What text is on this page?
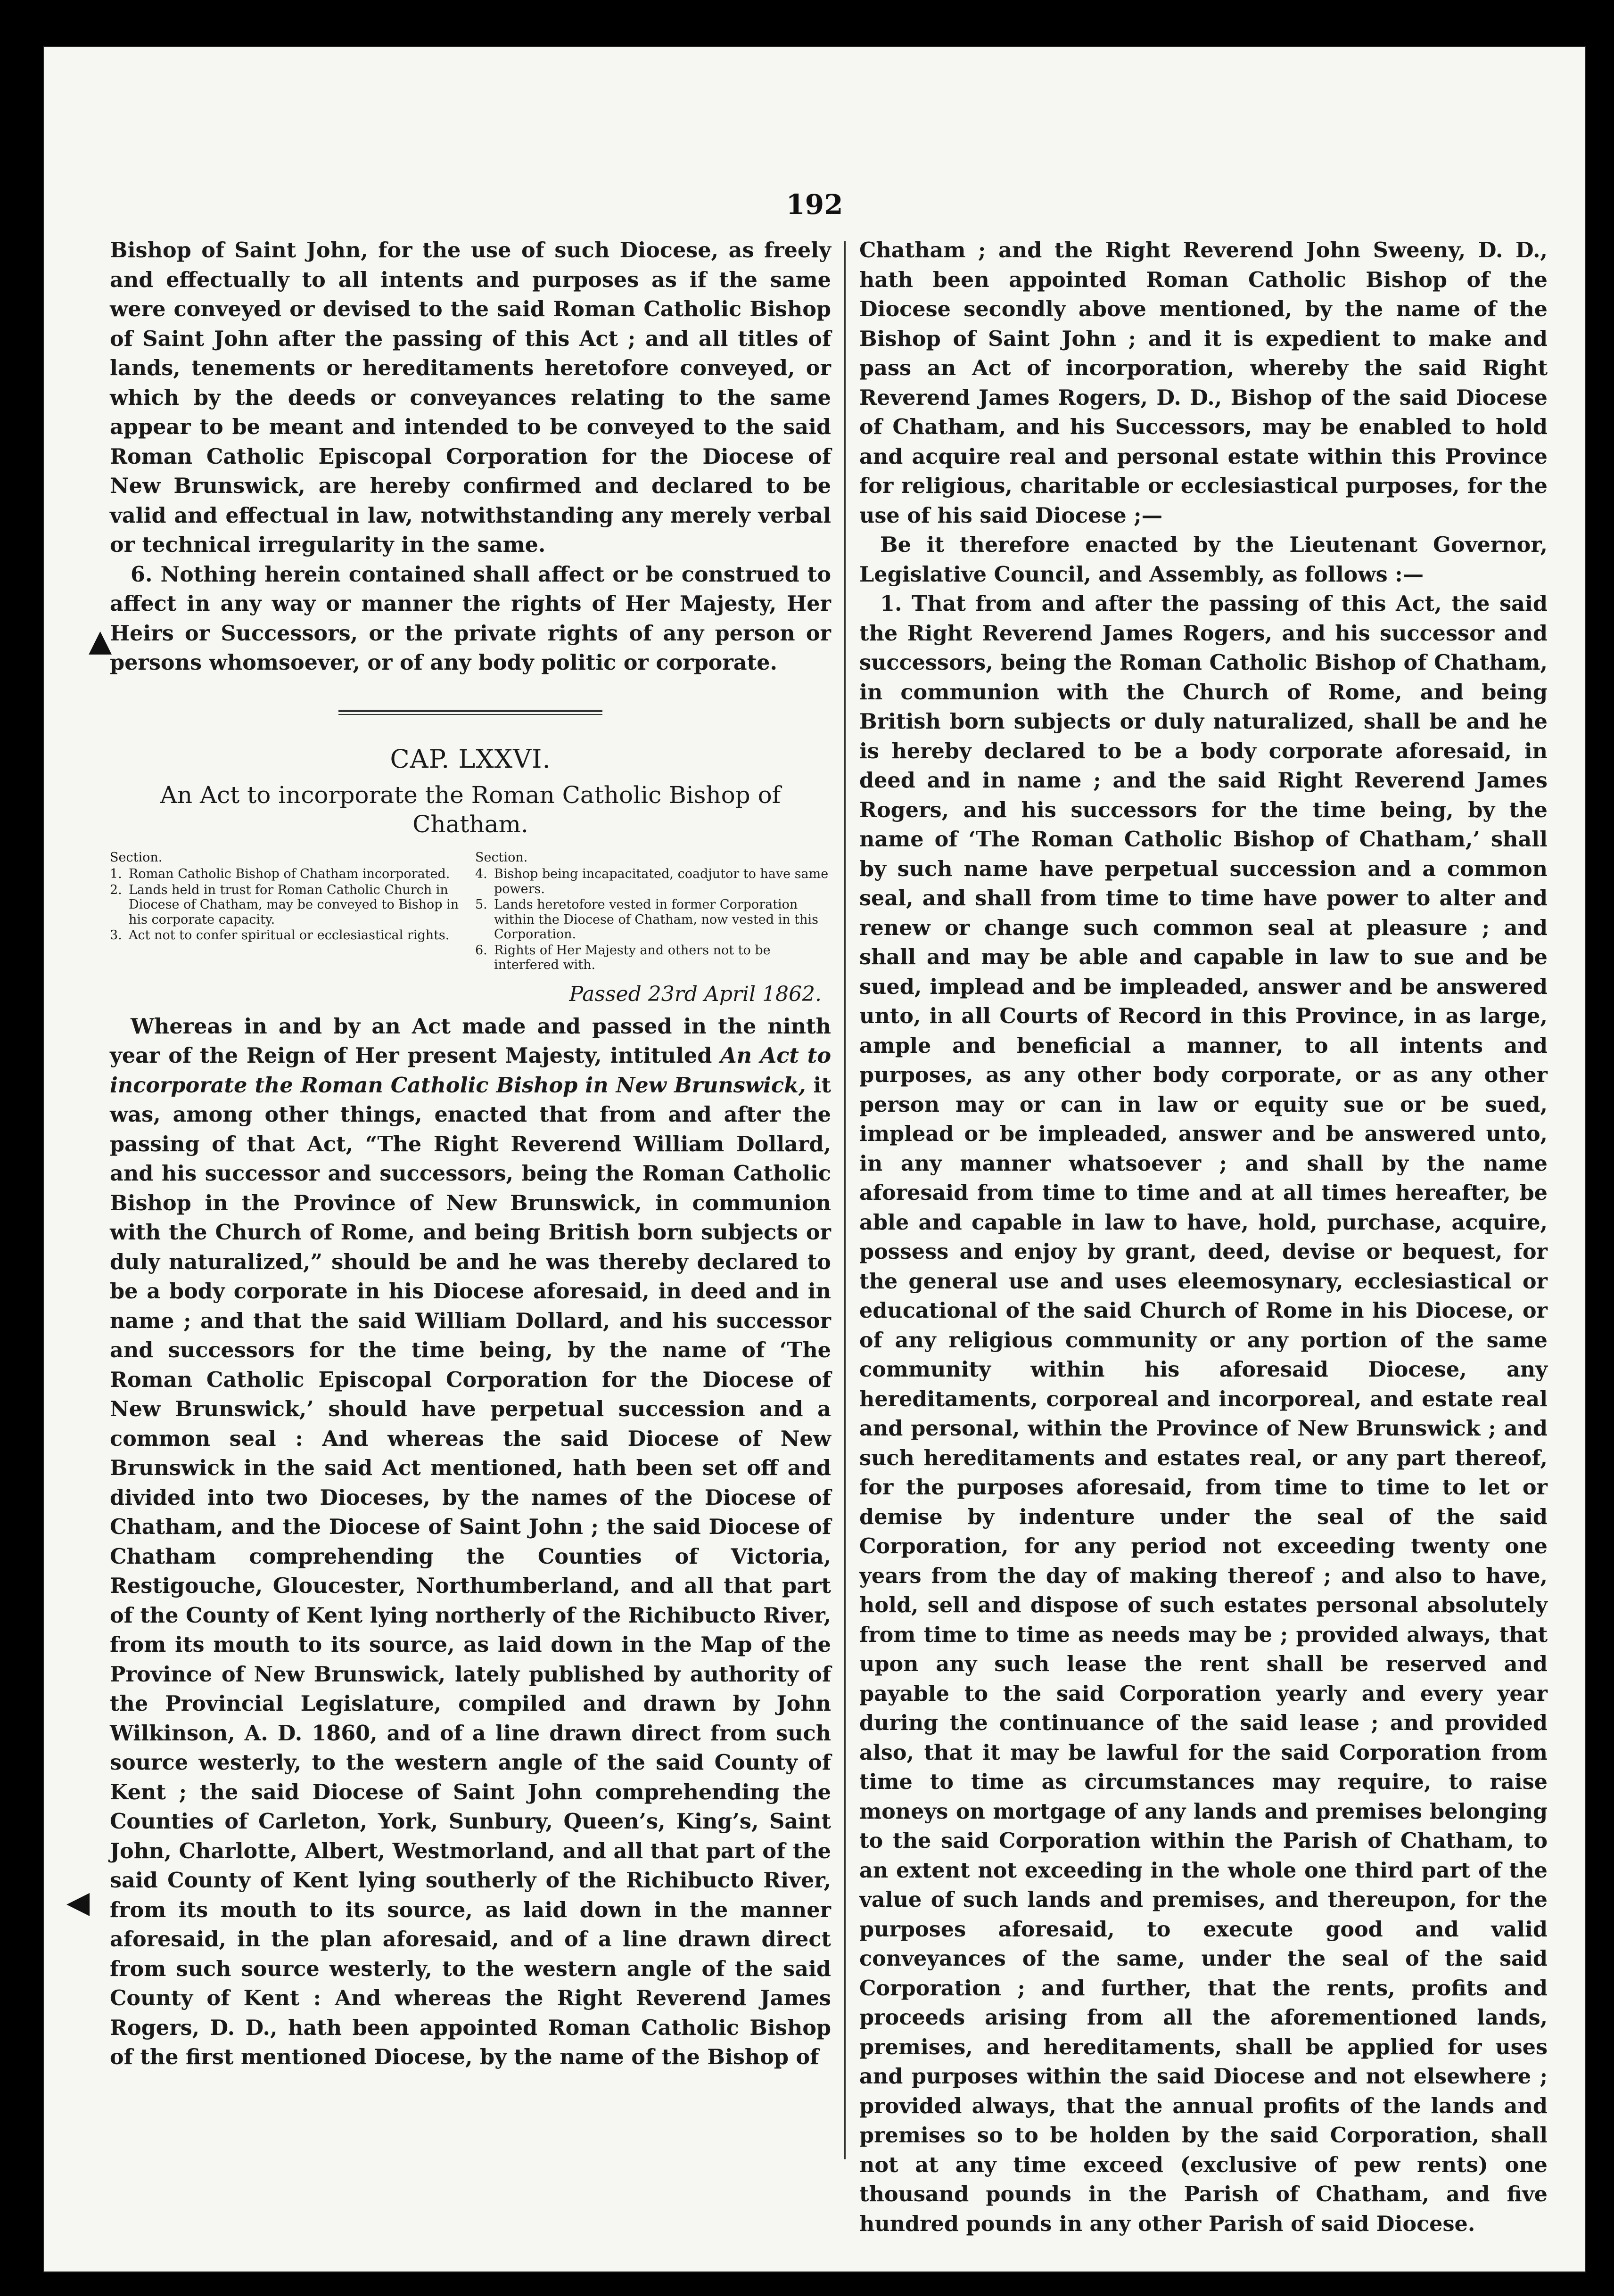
192
▲
◀

Bishop of Saint John, for the use of such Diocese, as freely and effectually to all intents and purposes as if the same were conveyed or devised to the said Roman Catholic Bishop of Saint John after the passing of this Act ; and all titles of lands, tenements or hereditaments heretofore conveyed, or which by the deeds or conveyances relating to the same appear to be meant and intended to be conveyed to the said Roman Catholic Episcopal Corporation for the Diocese of New Brunswick, are hereby confirmed and declared to be valid and effectual in law, notwithstanding any merely verbal or technical irregularity in the same.

6. Nothing herein contained shall affect or be construed to affect in any way or manner the rights of Her Majesty, Her Heirs or Successors, or the private rights of any person or persons whomsoever, or of any body politic or corporate.

CAP. LXXVI.
An Act to incorporate the Roman Catholic Bishop of Chatham.
Section.
1. Roman Catholic Bishop of Chatham incorporated.
2. Lands held in trust for Roman Catholic Church in Diocese of Chatham, may be conveyed to Bishop in his corporate capacity.
3. Act not to confer spiritual or ecclesiastical rights.
Section.
4. Bishop being incapacitated, coadjutor to have same powers.
5. Lands heretofore vested in former Corporation within the Diocese of Chatham, now vested in this Corporation.
6. Rights of Her Majesty and others not to be interfered with.
Passed 23rd April 1862.

Whereas in and by an Act made and passed in the ninth year of the Reign of Her present Majesty, intituled An Act to incorporate the Roman Catholic Bishop in New Brunswick, it was, among other things, enacted that from and after the passing of that Act, “The Right Reverend William Dollard, and his successor and successors, being the Roman Catholic Bishop in the Province of New Brunswick, in communion with the Church of Rome, and being British born subjects or duly naturalized,” should be and he was thereby declared to be a body corporate in his Diocese aforesaid, in deed and in name ; and that the said William Dollard, and his successor and successors for the time being, by the name of ‘The Roman Catholic Episcopal Corporation for the Diocese of New Brunswick,’ should have perpetual succession and a common seal : And whereas the said Diocese of New Brunswick in the said Act mentioned, hath been set off and divided into two Dioceses, by the names of the Diocese of Chatham, and the Diocese of Saint John ; the said Diocese of Chatham comprehending the Counties of Victoria, Restigouche, Gloucester, Northumberland, and all that part of the County of Kent lying northerly of the Richibucto River, from its mouth to its source, as laid down in the Map of the Province of New Brunswick, lately published by authority of the Provincial Legislature, compiled and drawn by John Wilkinson, A. D. 1860, and of a line drawn direct from such source westerly, to the western angle of the said County of Kent ; the said Diocese of Saint John comprehending the Counties of Carleton, York, Sunbury, Queen’s, King’s, Saint John, Charlotte, Albert, Westmorland, and all that part of the said County of Kent lying southerly of the Richibucto River, from its mouth to its source, as laid down in the manner aforesaid, in the plan aforesaid, and of a line drawn direct from such source westerly, to the western angle of the said County of Kent : And whereas the Right Reverend James Rogers, D. D., hath been appointed Roman Catholic Bishop of the first mentioned Diocese, by the name of the Bishop of

Chatham ; and the Right Reverend John Sweeny, D. D., hath been appointed Roman Catholic Bishop of the Diocese secondly above mentioned, by the name of the Bishop of Saint John ; and it is expedient to make and pass an Act of incorporation, whereby the said Right Reverend James Rogers, D. D., Bishop of the said Diocese of Chatham, and his Successors, may be enabled to hold and acquire real and personal estate within this Province for religious, charitable or ecclesiastical purposes, for the use of his said Diocese ;—

Be it therefore enacted by the Lieutenant Governor, Legislative Council, and Assembly, as follows :—

1. That from and after the passing of this Act, the said the Right Reverend James Rogers, and his successor and successors, being the Roman Catholic Bishop of Chatham, in communion with the Church of Rome, and being British born subjects or duly naturalized, shall be and he is hereby declared to be a body corporate aforesaid, in deed and in name ; and the said Right Reverend James Rogers, and his successors for the time being, by the name of ‘The Roman Catholic Bishop of Chatham,’ shall by such name have perpetual succession and a common seal, and shall from time to time have power to alter and renew or change such common seal at pleasure ; and shall and may be able and capable in law to sue and be sued, implead and be impleaded, answer and be answered unto, in all Courts of Record in this Province, in as large, ample and beneficial a manner, to all intents and purposes, as any other body corporate, or as any other person may or can in law or equity sue or be sued, implead or be impleaded, answer and be answered unto, in any manner whatsoever ; and shall by the name aforesaid from time to time and at all times hereafter, be able and capable in law to have, hold, purchase, acquire, possess and enjoy by grant, deed, devise or bequest, for the general use and uses eleemosynary, ecclesiastical or educational of the said Church of Rome in his Diocese, or of any religious community or any portion of the same community within his aforesaid Diocese, any hereditaments, corporeal and incorporeal, and estate real and personal, within the Province of New Brunswick ; and such hereditaments and estates real, or any part thereof, for the purposes aforesaid, from time to time to let or demise by indenture under the seal of the said Corporation, for any period not exceeding twenty one years from the day of making thereof ; and also to have, hold, sell and dispose of such estates personal absolutely from time to time as needs may be ; provided always, that upon any such lease the rent shall be reserved and payable to the said Corporation yearly and every year during the continuance of the said lease ; and provided also, that it may be lawful for the said Corporation from time to time as circumstances may require, to raise moneys on mortgage of any lands and premises belonging to the said Corporation within the Parish of Chatham, to an extent not exceeding in the whole one third part of the value of such lands and premises, and thereupon, for the purposes aforesaid, to execute good and valid conveyances of the same, under the seal of the said Corporation ; and further, that the rents, profits and proceeds arising from all the aforementioned lands, premises, and hereditaments, shall be applied for uses and purposes within the said Diocese and not elsewhere ; provided always, that the annual profits of the lands and premises so to be holden by the said Corporation, shall not at any time exceed (exclusive of pew rents) one thousand pounds in the Parish of Chatham, and five hundred pounds in any other Parish of said Diocese.
